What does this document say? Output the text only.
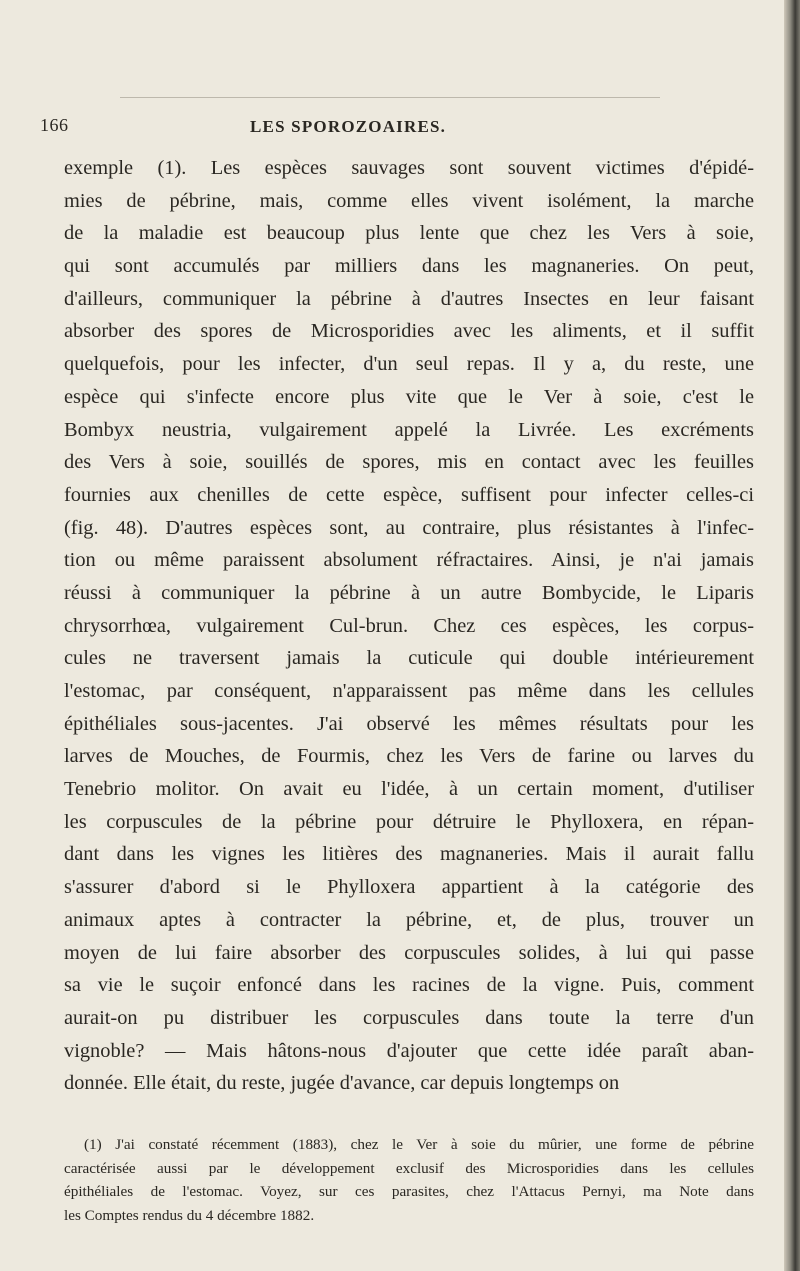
166	LES SPOROZOAIRES.
exemple (1). Les espèces sauvages sont souvent victimes d'épidé-
mies de pébrine, mais, comme elles vivent isolément, la marche
de la maladie est beaucoup plus lente que chez les Vers à soie,
qui sont accumulés par milliers dans les magnaneries. On peut,
d'ailleurs, communiquer la pébrine à d'autres Insectes en leur faisant
absorber des spores de Microsporidies avec les aliments, et il suffit
quelquefois, pour les infecter, d'un seul repas. Il y a, du reste, une
espèce qui s'infecte encore plus vite que le Ver à soie, c'est le
Bombyx neustria, vulgairement appelé la Livrée. Les excréments
des Vers à soie, souillés de spores, mis en contact avec les feuilles
fournies aux chenilles de cette espèce, suffisent pour infecter celles-ci
(fig. 48). D'autres espèces sont, au contraire, plus résistantes à l'infec-
tion ou même paraissent absolument réfractaires. Ainsi, je n'ai jamais
réussi à communiquer la pébrine à un autre Bombycide, le Liparis
chrysorrhœa, vulgairement Cul-brun. Chez ces espèces, les corpus-
cules ne traversent jamais la cuticule qui double intérieurement
l'estomac, par conséquent, n'apparaissent pas même dans les cellules
épithéliales sous-jacentes. J'ai observé les mêmes résultats pour les
larves de Mouches, de Fourmis, chez les Vers de farine ou larves du
Tenebrio molitor. On avait eu l'idée, à un certain moment, d'utiliser
les corpuscules de la pébrine pour détruire le Phylloxera, en répan-
dant dans les vignes les litières des magnaneries. Mais il aurait fallu
s'assurer d'abord si le Phylloxera appartient à la catégorie des
animaux aptes à contracter la pébrine, et, de plus, trouver un
moyen de lui faire absorber des corpuscules solides, à lui qui passe
sa vie le suçoir enfoncé dans les racines de la vigne. Puis, comment
aurait-on pu distribuer les corpuscules dans toute la terre d'un
vignoble? — Mais hâtons-nous d'ajouter que cette idée paraît aban-
donnée. Elle était, du reste, jugée d'avance, car depuis longtemps on
(1) J'ai constaté récemment (1883), chez le Ver à soie du mûrier, une forme de pébrine
caractérisée aussi par le développement exclusif des Microsporidies dans les cellules
épithéliales de l'estomac. Voyez, sur ces parasites, chez l'Attacus Pernyi, ma Note dans
les Comptes rendus du 4 décembre 1882.
